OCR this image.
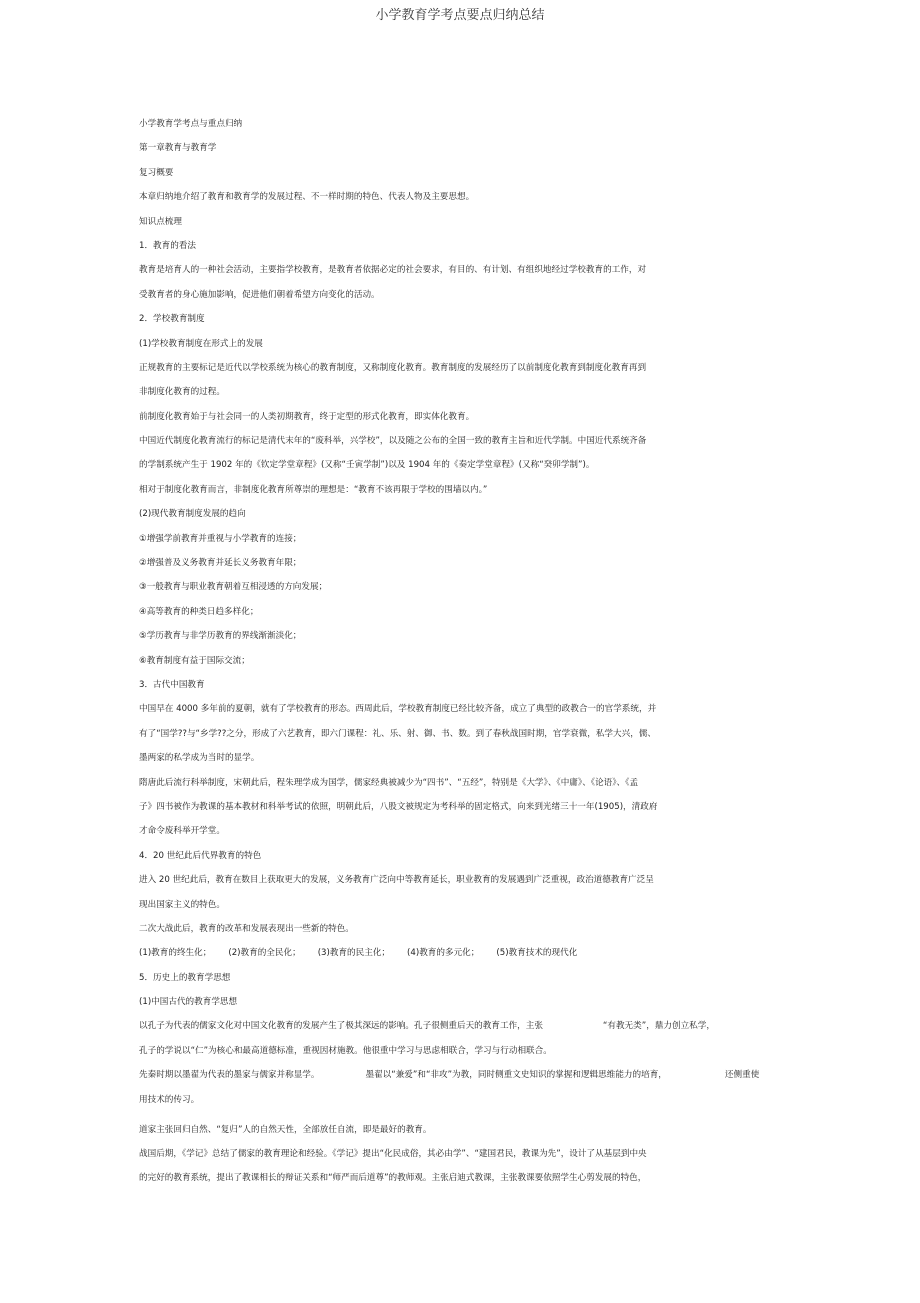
小学教育学考点要点归纳总结
小学教育学考点与重点归纳
第一章教育与教育学
复习概要
本章归纳地介绍了教育和教育学的发展过程、不一样时期的特色、代表人物及主要思想。
知识点梳理
1．教育的看法
教育是培育人的一种社会活动，主要指学校教育，是教育者依据必定的社会要求，有目的、有计划、有组织地经过学校教育的工作，对
受教育者的身心施加影响，促进他们朝着希望方向变化的活动。
2．学校教育制度
(1)学校教育制度在形式上的发展
正规教育的主要标记是近代以学校系统为核心的教育制度，又称制度化教育。教育制度的发展经历了以前制度化教育到制度化教育再到
非制度化教育的过程。
前制度化教育始于与社会同一的人类初期教育，终于定型的形式化教育，即实体化教育。
中国近代制度化教育流行的标记是清代末年的“废科举，兴学校”，以及随之公布的全国一致的教育主旨和近代学制。中国近代系统齐备
的学制系统产生于 1902 年的《钦定学堂章程》(又称“壬寅学制”)以及 1904 年的《奏定学堂章程》(又称“癸卯学制”)。
相对于制度化教育而言，非制度化教育所尊崇的理想是：“教育不该再限于学校的围墙以内。”
(2)现代教育制度发展的趋向
①增强学前教育并重视与小学教育的连接；
②增强普及义务教育并延长义务教育年限；
③一般教育与职业教育朝着互相浸透的方向发展；
④高等教育的种类日趋多样化；
⑤学历教育与非学历教育的界线渐渐淡化；
⑥教育制度有益于国际交流；
3．古代中国教育
中国早在 4000 多年前的夏朝，就有了学校教育的形态。西周此后，学校教育制度已经比较齐备，成立了典型的政教合一的官学系统，并
有了“国学??与“乡学??之分，形成了六艺教育，即六门课程：礼、乐、射、御、书、数。到了春秋战国时期，官学衰微，私学大兴，儒、
墨两家的私学成为当时的显学。
隋唐此后流行科举制度，宋朝此后，程朱理学成为国学，儒家经典被减少为“四书”、“五经”，特别是《大学》、《中庸》、《论语》、《孟
子》四书被作为教课的基本教材和科举考试的依照，明朝此后，八股文被规定为考科举的固定格式，向来到光绪三十一年(1905)，清政府
才命令废科举开学堂。
4．20 世纪此后代界教育的特色
进入 20 世纪此后，教育在数目上获取更大的发展，义务教育广泛向中等教育延长，职业教育的发展遇到广泛重视，政治道德教育广泛呈
现出国家主义的特色。
二次大战此后，教育的改革和发展表现出一些新的特色。
(1)教育的终生化； (2)教育的全民化； (3)教育的民主化； (4)教育的多元化； (5)教育技术的现代化
5．历史上的教育学思想
(1)中国古代的教育学思想
以孔子为代表的儒家文化对中国文化教育的发展产生了极其深远的影响。孔子很侧重后天的教育工作，主张	“有教无类”，鼎力创立私学，
孔子的学说以“仁”为核心和最高道德标准，重视因材施教。他很重中学习与思虑相联合，学习与行动相联合。
先秦时期以墨翟为代表的墨家与儒家并称显学。	墨翟以“兼爱”和“非攻”为教，同时侧重文史知识的掌握和逻辑思维能力的培育，	还侧重使
用技术的传习。
道家主张回归自然、“复归”人的自然天性，全部放任自流，即是最好的教育。
战国后期，《学记》总结了儒家的教育理论和经验。《学记》提出“化民成俗，其必由学”、“建国君民，教课为先”，设计了从基层到中央
的完好的教育系统，提出了教课相长的辩证关系和“师严而后道尊”的教师观。主张启迪式教课，主张教课要依照学生心剪发展的特色，
